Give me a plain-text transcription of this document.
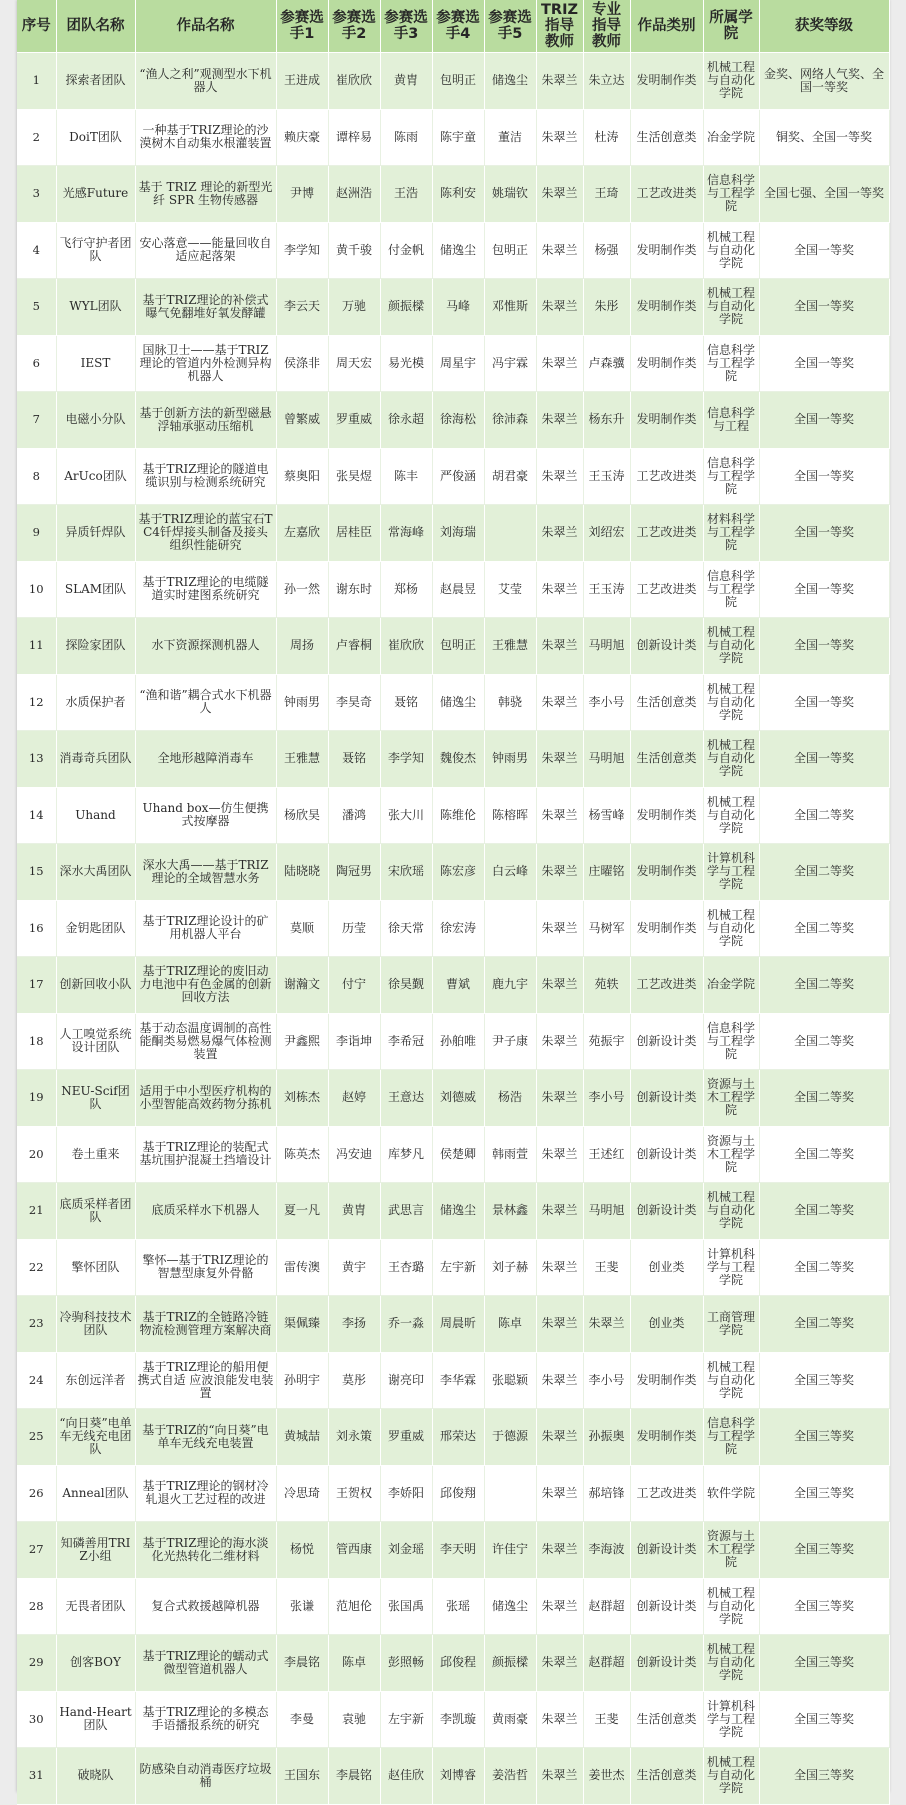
序号	团队名称	作品名称	参赛选手1	参赛选手2	参赛选手3	参赛选手4	参赛选手5	TRIZ指导教师	专业指导教师	作品类别	所属学院	获奖等级
1	探索者团队	“渔人之利”观测型水下机器人	王进成	崔欣欣	黄胄	包明正	储逸尘	朱翠兰	朱立达	发明制作类	机械工程与自动化学院	金奖、网络人气奖、全国一等奖
2	DoiT团队	一种基于TRIZ理论的沙漠树木自动集水根灌装置	赖庆豪	谭梓易	陈雨	陈宇童	董洁	朱翠兰	杜涛	生活创意类	冶金学院	铜奖、全国一等奖
3	光感Future	基于 TRIZ 理论的新型光纤 SPR 生物传感器	尹博	赵洲浩	王浩	陈利安	姚瑞钦	朱翠兰	王琦	工艺改进类	信息科学与工程学院	全国七强、全国一等奖
4	飞行守护者团队	安心落意——能量回收自适应起落架	李学知	黄千骏	付金帆	储逸尘	包明正	朱翠兰	杨强	发明制作类	机械工程与自动化学院	全国一等奖
5	WYL团队	基于TRIZ理论的补偿式曝气免翻堆好氧发酵罐	李云天	万驰	颜振樑	马峰	邓惟斯	朱翠兰	朱彤	发明制作类	机械工程与自动化学院	全国一等奖
6	IEST	国脉卫士——基于TRIZ理论的管道内外检测异构机器人	侯涤非	周天宏	易光模	周星宇	冯宇霖	朱翠兰	卢森骥	发明制作类	信息科学与工程学院	全国一等奖
7	电磁小分队	基于创新方法的新型磁悬浮轴承驱动压缩机	曾繁威	罗重威	徐永超	徐海松	徐沛森	朱翠兰	杨东升	发明制作类	信息科学与工程	全国一等奖
8	ArUco团队	基于TRIZ理论的隧道电缆识别与检测系统研究	蔡奥阳	张昊煜	陈丰	严俊涵	胡君豪	朱翠兰	王玉涛	工艺改进类	信息科学与工程学院	全国一等奖
9	异质钎焊队	基于TRIZ理论的蓝宝石TC4钎焊接头制备及接头组织性能研究	左嘉欣	居桂臣	常海峰	刘海瑞		朱翠兰	刘绍宏	工艺改进类	材料科学与工程学院	全国一等奖
10	SLAM团队	基于TRIZ理论的电缆隧道实时建图系统研究	孙一然	谢东时	郑杨	赵晨昱	艾莹	朱翠兰	王玉涛	工艺改进类	信息科学与工程学院	全国一等奖
11	探险家团队	水下资源探测机器人	周扬	卢睿桐	崔欣欣	包明正	王雅慧	朱翠兰	马明旭	创新设计类	机械工程与自动化学院	全国一等奖
12	水质保护者	“渔和谐”耦合式水下机器人	钟雨男	李昊奇	聂铭	储逸尘	韩骁	朱翠兰	李小号	生活创意类	机械工程与自动化学院	全国一等奖
13	消毒奇兵团队	全地形越障消毒车	王雅慧	聂铭	李学知	魏俊杰	钟雨男	朱翠兰	马明旭	生活创意类	机械工程与自动化学院	全国一等奖
14	Uhand	Uhand box—仿生便携式按摩器	杨欣昊	潘鸿	张大川	陈维伦	陈榕晖	朱翠兰	杨雪峰	发明制作类	机械工程与自动化学院	全国二等奖
15	深水大禹团队	深水大禹——基于TRIZ理论的全域智慧水务	陆晓晓	陶冠男	宋欣瑶	陈宏彦	白云峰	朱翠兰	庄曜铭	发明制作类	计算机科学与工程学院	全国二等奖
16	金钥匙团队	基于TRIZ理论设计的矿用机器人平台	莫顺	历莹	徐天常	徐宏涛		朱翠兰	马树军	发明制作类	机械工程与自动化学院	全国二等奖
17	创新回收小队	基于TRIZ理论的废旧动力电池中有色金属的创新回收方法	谢瀚文	付宁	徐昊觐	曹斌	鹿九宇	朱翠兰	苑轶	工艺改进类	冶金学院	全国二等奖
18	人工嗅觉系统设计团队	基于动态温度调制的高性能酮类易燃易爆气体检测装置	尹鑫熙	李诣坤	李希冠	孙舶唯	尹子康	朱翠兰	苑振宇	创新设计类	信息科学与工程学院	全国二等奖
19	NEU-Scif团队	适用于中小型医疗机构的小型智能高效药物分拣机	刘栋杰	赵婷	王意达	刘德威	杨浩	朱翠兰	李小号	创新设计类	资源与土木工程学院	全国二等奖
20	卷土重来	基于TRIZ理论的装配式基坑围护混凝土挡墙设计	陈英杰	冯安迪	库梦凡	侯楚卿	韩雨萱	朱翠兰	王述红	创新设计类	资源与土木工程学院	全国二等奖
21	底质采样者团队	底质采样水下机器人	夏一凡	黄胄	武思言	储逸尘	景林鑫	朱翠兰	马明旭	创新设计类	机械工程与自动化学院	全国二等奖
22	擎怀团队	擎怀—基于TRIZ理论的智慧型康复外骨骼	雷传澳	黄宇	王杏璐	左宇新	刘子赫	朱翠兰	王斐	创业类	计算机科学与工程学院	全国二等奖
23	冷驹科技技术团队	基于TRIZ的全链路冷链物流检测管理方案解决商	渠佩臻	李扬	乔一淼	周晨昕	陈卓	朱翠兰	朱翠兰	创业类	工商管理学院	全国二等奖
24	东创远洋者	基于TRIZ理论的船用便携式自适 应波浪能发电装置	孙明宇	莫彤	谢亮印	李华霖	张聪颖	朱翠兰	李小号	发明制作类	机械工程与自动化学院	全国三等奖
25	“向日葵”电单车无线充电团队	基于TRIZ的“向日葵”电单车无线充电装置	黄城喆	刘永策	罗重威	邢荣达	于德源	朱翠兰	孙振奥	发明制作类	信息科学与工程学院	全国三等奖
26	Anneal团队	基于TRIZ理论的钢材冷轧退火工艺过程的改进	冷思琦	王贺权	李娇阳	邱俊翔		朱翠兰	郝培锋	工艺改进类	软件学院	全国三等奖
27	知磷善用TRIZ小组	基于TRIZ理论的海水淡化光热转化二维材料	杨悦	管西康	刘金瑶	李天明	许佳宁	朱翠兰	李海波	创新设计类	资源与土木工程学院	全国三等奖
28	无畏者团队	复合式救援越障机器	张谦	范旭伦	张国禹	张瑶	储逸尘	朱翠兰	赵群超	创新设计类	机械工程与自动化学院	全国三等奖
29	创客BOY	基于TRIZ理论的蠕动式微型管道机器人	李晨铭	陈卓	彭照畅	邱俊程	颜振樑	朱翠兰	赵群超	创新设计类	机械工程与自动化学院	全国三等奖
30	Hand-Heart团队	基于TRIZ理论的多模态手语播报系统的研究	李曼	袁驰	左宇新	李凯璇	黄雨豪	朱翠兰	王斐	生活创意类	计算机科学与工程学院	全国三等奖
31	破晓队	防感染自动消毒医疗垃圾桶	王国东	李晨铭	赵佳欣	刘博睿	姜浩哲	朱翠兰	姜世杰	生活创意类	机械工程与自动化学院	全国三等奖
